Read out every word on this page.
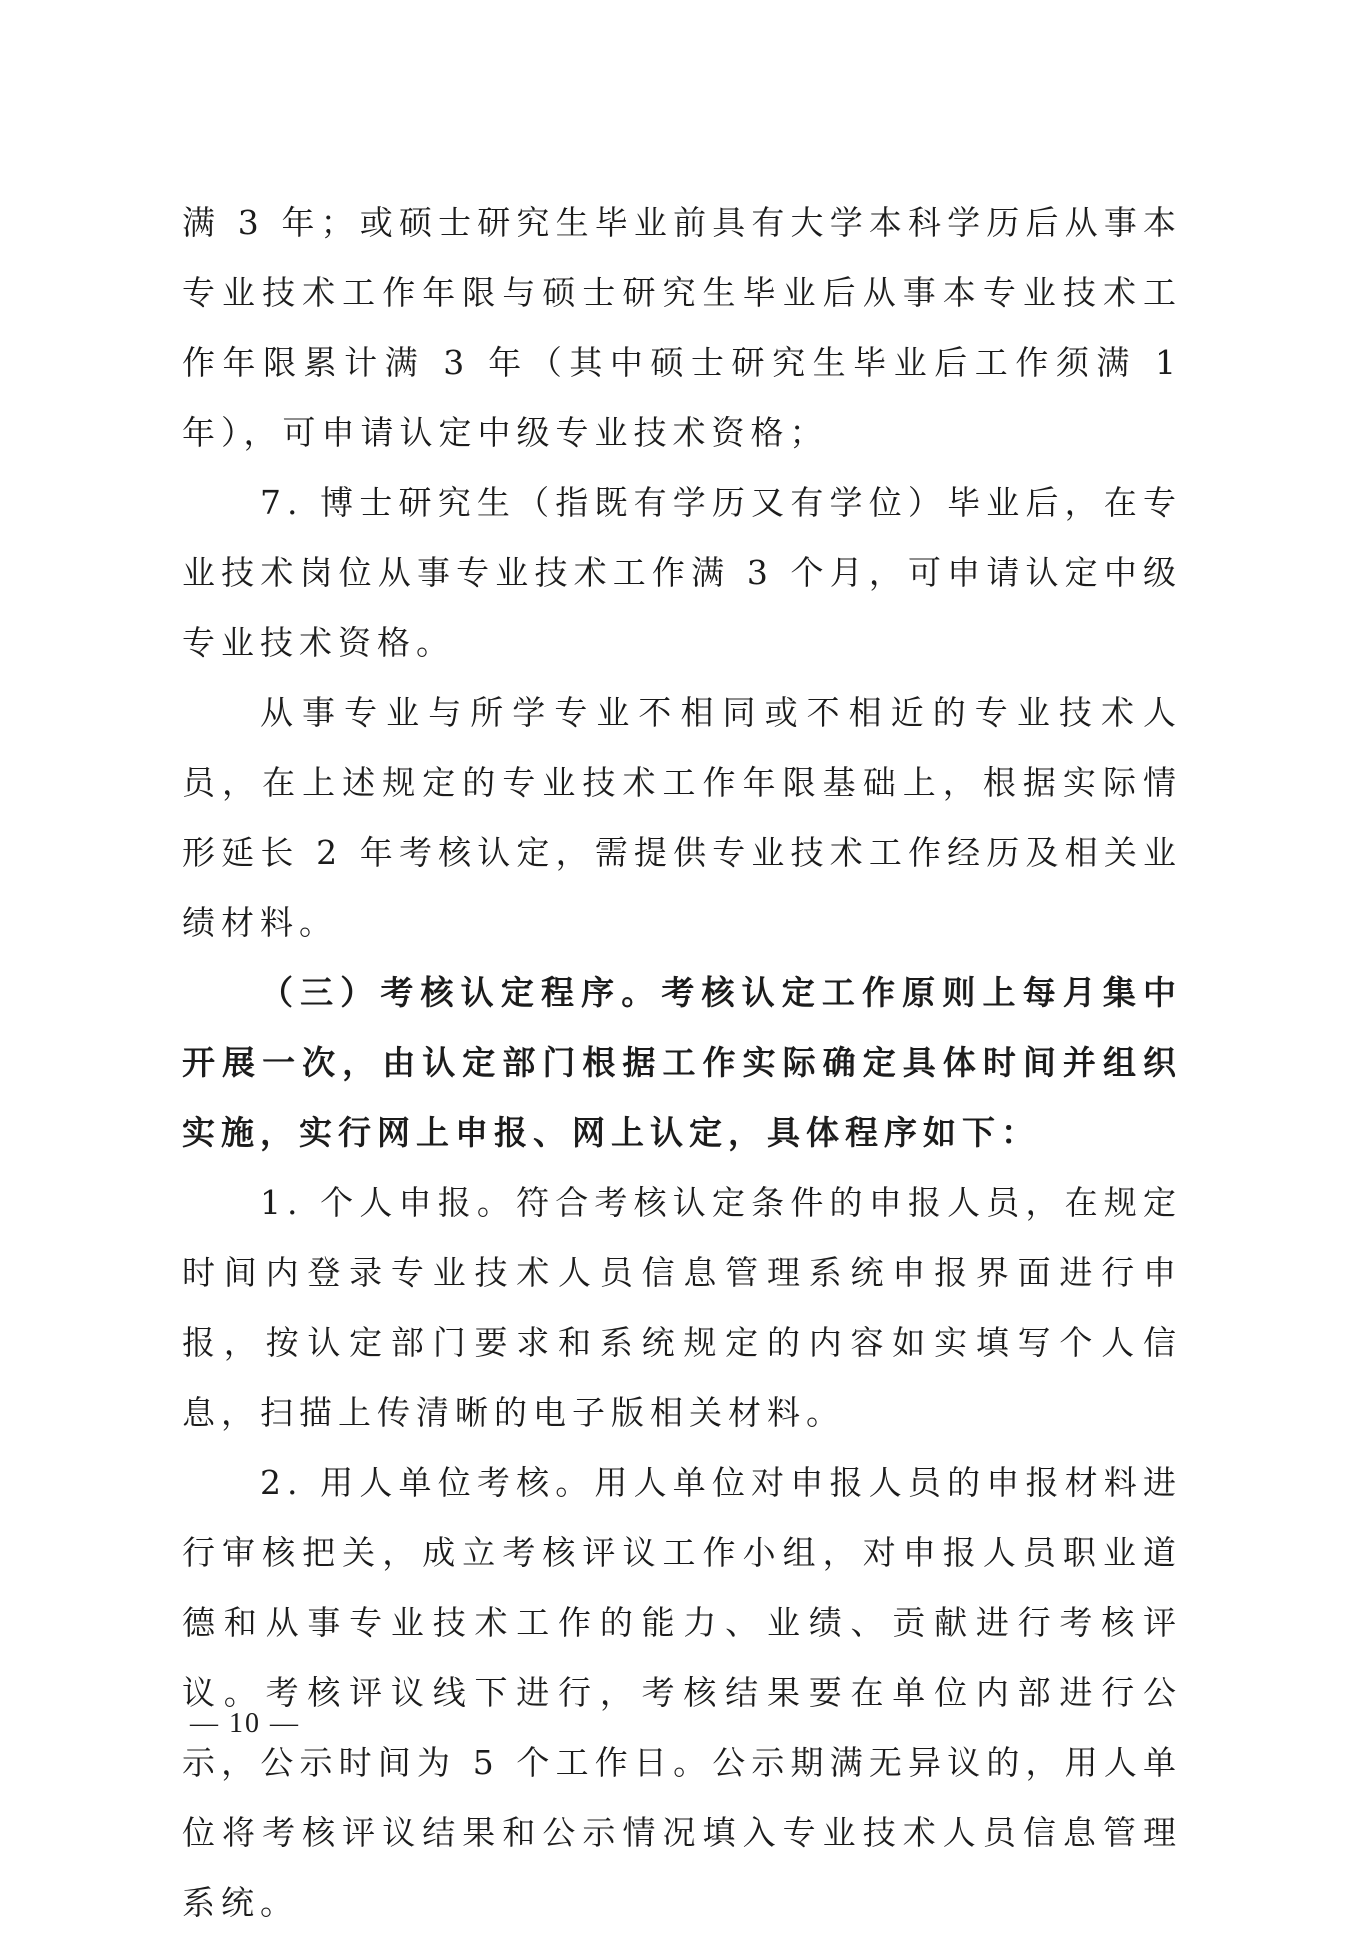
满 3 年；或硕士研究生毕业前具有大学本科学历后从事本专业技术工作年限与硕士研究生毕业后从事本专业技术工作年限累计满 3 年（其中硕士研究生毕业后工作须满 1 年），可申请认定中级专业技术资格；

7. 博士研究生（指既有学历又有学位）毕业后，在专业技术岗位从事专业技术工作满 3 个月，可申请认定中级专业技术资格。

从事专业与所学专业不相同或不相近的专业技术人员，在上述规定的专业技术工作年限基础上，根据实际情形延长 2 年考核认定，需提供专业技术工作经历及相关业绩材料。

（三）考核认定程序。考核认定工作原则上每月集中开展一次，由认定部门根据工作实际确定具体时间并组织实施，实行网上申报、网上认定，具体程序如下：

1. 个人申报。符合考核认定条件的申报人员，在规定时间内登录专业技术人员信息管理系统申报界面进行申报，按认定部门要求和系统规定的内容如实填写个人信息，扫描上传清晰的电子版相关材料。

2. 用人单位考核。用人单位对申报人员的申报材料进行审核把关，成立考核评议工作小组，对申报人员职业道德和从事专业技术工作的能力、业绩、贡献进行考核评议。考核评议线下进行，考核结果要在单位内部进行公示，公示时间为 5 个工作日。公示期满无异议的，用人单位将考核评议结果和公示情况填入专业技术人员信息管理系统。

— 10 —
